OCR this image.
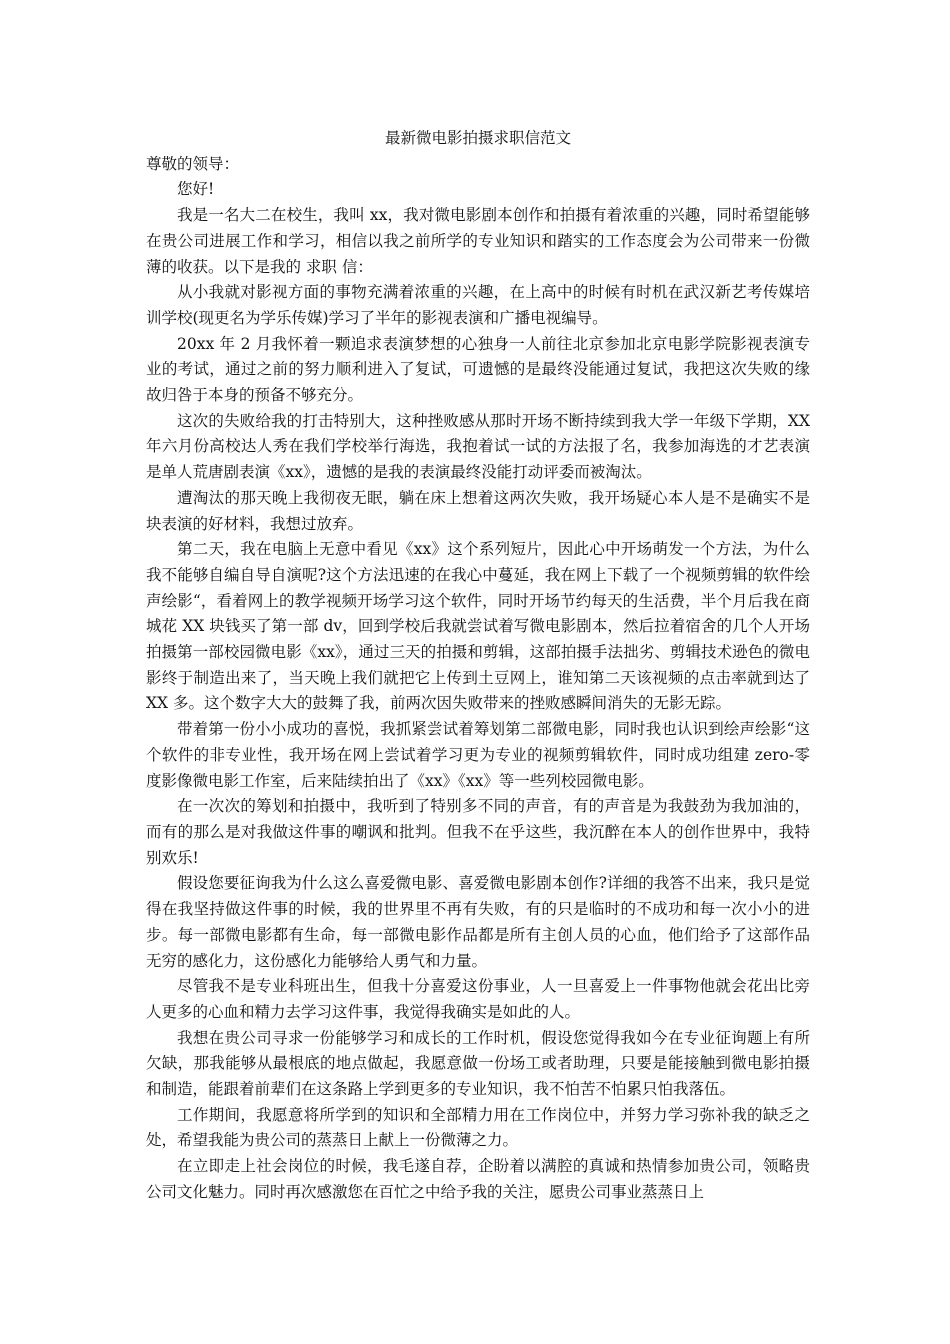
最新微电影拍摄求职信范文

尊敬的领导：

您好!

我是一名大二在校生，我叫 xx，我对微电影剧本创作和拍摄有着浓重的兴趣，同时希望能够在贵公司进展工作和学习，相信以我之前所学的专业知识和踏实的工作态度会为公司带来一份微薄的收获。以下是我的 求职 信：

从小我就对影视方面的事物充满着浓重的兴趣，在上高中的时候有时机在武汉新艺考传媒培训学校(现更名为学乐传媒)学习了半年的影视表演和广播电视编导。

20xx 年 2 月我怀着一颗追求表演梦想的心独身一人前往北京参加北京电影学院影视表演专业的考试，通过之前的努力顺利进入了复试，可遗憾的是最终没能通过复试，我把这次失败的缘故归咎于本身的预备不够充分。

这次的失败给我的打击特别大，这种挫败感从那时开场不断持续到我大学一年级下学期，XX 年六月份高校达人秀在我们学校举行海选，我抱着试一试的方法报了名，我参加海选的才艺表演是单人荒唐剧表演《xx》，遗憾的是我的表演最终没能打动评委而被淘汰。

遭淘汰的那天晚上我彻夜无眠，躺在床上想着这两次失败，我开场疑心本人是不是确实不是块表演的好材料，我想过放弃。

第二天，我在电脑上无意中看见《xx》这个系列短片，因此心中开场萌发一个方法，为什么我不能够自编自导自演呢?这个方法迅速的在我心中蔓延，我在网上下载了一个视频剪辑的软件绘声绘影“，看着网上的教学视频开场学习这个软件，同时开场节约每天的生活费，半个月后我在商城花 XX 块钱买了第一部 dv，回到学校后我就尝试着写微电影剧本，然后拉着宿舍的几个人开场拍摄第一部校园微电影《xx》，通过三天的拍摄和剪辑，这部拍摄手法拙劣、剪辑技术逊色的微电影终于制造出来了，当天晚上我们就把它上传到土豆网上，谁知第二天该视频的点击率就到达了 XX 多。这个数字大大的鼓舞了我，前两次因失败带来的挫败感瞬间消失的无影无踪。

带着第一份小小成功的喜悦，我抓紧尝试着筹划第二部微电影，同时我也认识到绘声绘影“这个软件的非专业性，我开场在网上尝试着学习更为专业的视频剪辑软件，同时成功组建 zero-零度影像微电影工作室，后来陆续拍出了《xx》《xx》等一些列校园微电影。

在一次次的筹划和拍摄中，我听到了特别多不同的声音，有的声音是为我鼓劲为我加油的，而有的那么是对我做这件事的嘲讽和批判。但我不在乎这些，我沉醉在本人的创作世界中，我特别欢乐!

假设您要征询我为什么这么喜爱微电影、喜爱微电影剧本创作?详细的我答不出来，我只是觉得在我坚持做这件事的时候，我的世界里不再有失败，有的只是临时的不成功和每一次小小的进步。每一部微电影都有生命，每一部微电影作品都是所有主创人员的心血，他们给予了这部作品无穷的感化力，这份感化力能够给人勇气和力量。

尽管我不是专业科班出生，但我十分喜爱这份事业，人一旦喜爱上一件事物他就会花出比旁人更多的心血和精力去学习这件事，我觉得我确实是如此的人。

我想在贵公司寻求一份能够学习和成长的工作时机，假设您觉得我如今在专业征询题上有所欠缺，那我能够从最根底的地点做起，我愿意做一份场工或者助理，只要是能接触到微电影拍摄和制造，能跟着前辈们在这条路上学到更多的专业知识，我不怕苦不怕累只怕我落伍。

工作期间，我愿意将所学到的知识和全部精力用在工作岗位中，并努力学习弥补我的缺乏之处，希望我能为贵公司的蒸蒸日上献上一份微薄之力。

在立即走上社会岗位的时候，我毛遂自荐，企盼着以满腔的真诚和热情参加贵公司，领略贵公司文化魅力。同时再次感激您在百忙之中给予我的关注，愿贵公司事业蒸蒸日上
